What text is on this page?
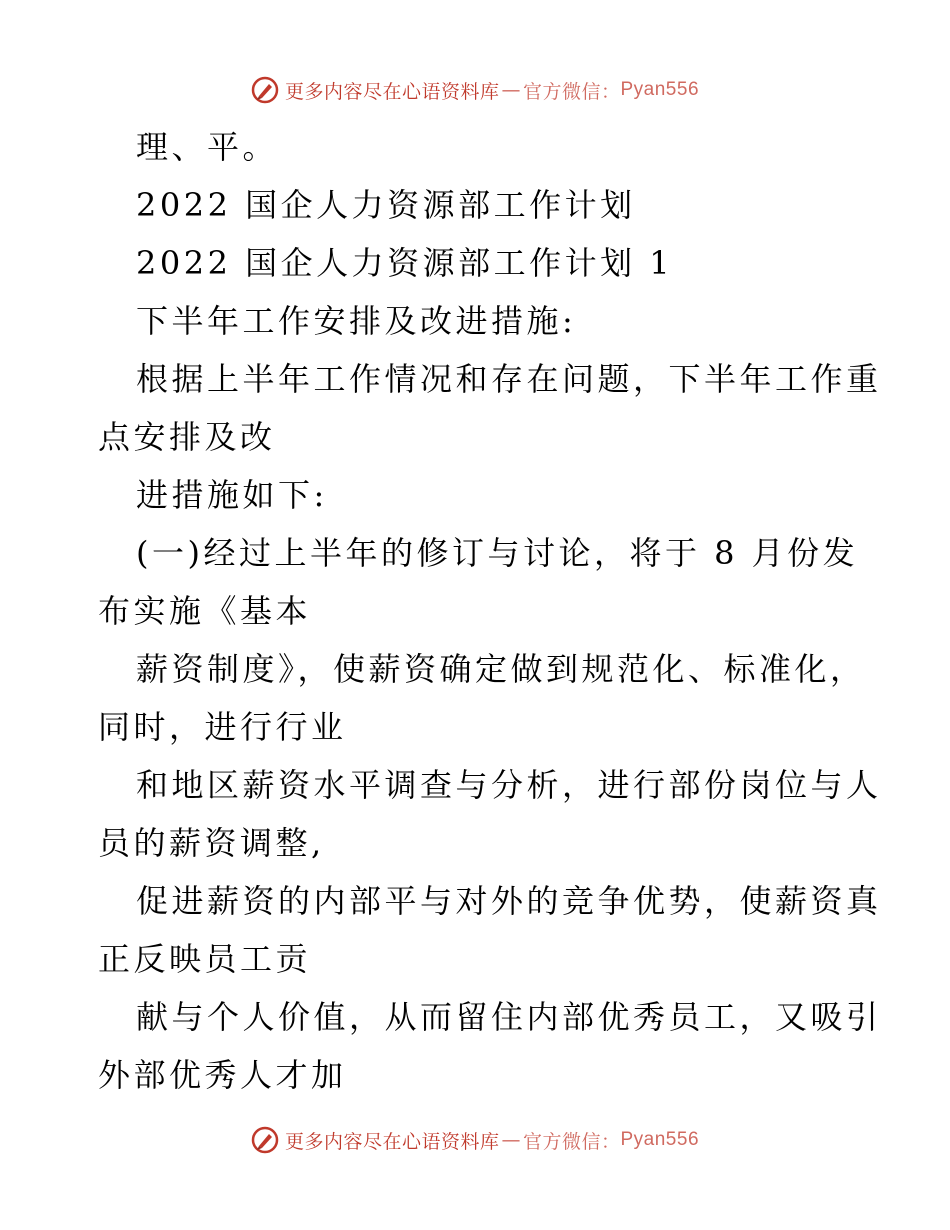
更多内容尽在心语资料库 — 官方微信： Pyan556
理、平。
2022 国企人力资源部工作计划
2022 国企人力资源部工作计划 1
下半年工作安排及改进措施:
根据上半年工作情况和存在问题，下半年工作重
点安排及改
进措施如下:
(一)经过上半年的修订与讨论，将于 8 月份发
布实施《基本
薪资制度》，使薪资确定做到规范化、标准化，
同时，进行行业
和地区薪资水平调查与分析，进行部份岗位与人
员的薪资调整,
促进薪资的内部平与对外的竞争优势，使薪资真
正反映员工贡
献与个人价值，从而留住内部优秀员工，又吸引
外部优秀人才加
更多内容尽在心语资料库 — 官方微信： Pyan556
